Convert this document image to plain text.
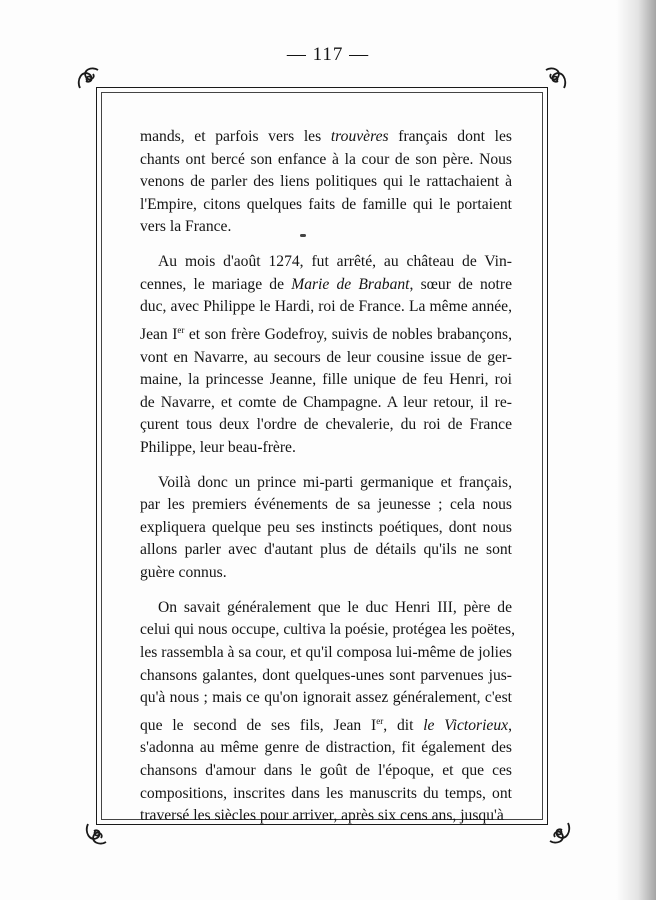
— 117 —
mands, et parfois vers les trouvères français dont les
chants ont bercé son enfance à la cour de son père. Nous
venons de parler des liens politiques qui le rattachaient à
l'Empire, citons quelques faits de famille qui le portaient
vers la France.
Au mois d'août 1274, fut arrêté, au château de Vin-
cennes, le mariage de Marie de Brabant, sœur de notre
duc, avec Philippe le Hardi, roi de France. La même année,
Jean Ier et son frère Godefroy, suivis de nobles brabançons,
vont en Navarre, au secours de leur cousine issue de ger-
maine, la princesse Jeanne, fille unique de feu Henri, roi
de Navarre, et comte de Champagne. A leur retour, il re-
çurent tous deux l'ordre de chevalerie, du roi de France
Philippe, leur beau-frère.
Voilà donc un prince mi-parti germanique et français,
par les premiers événements de sa jeunesse ; cela nous
expliquera quelque peu ses instincts poétiques, dont nous
allons parler avec d'autant plus de détails qu'ils ne sont
guère connus.
On savait généralement que le duc Henri III, père de
celui qui nous occupe, cultiva la poésie, protégea les poëtes,
les rassembla à sa cour, et qu'il composa lui-même de jolies
chansons galantes, dont quelques-unes sont parvenues jus-
qu'à nous ; mais ce qu'on ignorait assez généralement, c'est
que le second de ses fils, Jean Ier, dit le Victorieux,
s'adonna au même genre de distraction, fit également des
chansons d'amour dans le goût de l'époque, et que ces
compositions, inscrites dans les manuscrits du temps, ont
traversé les siècles pour arriver, après six cens ans, jusqu'à
